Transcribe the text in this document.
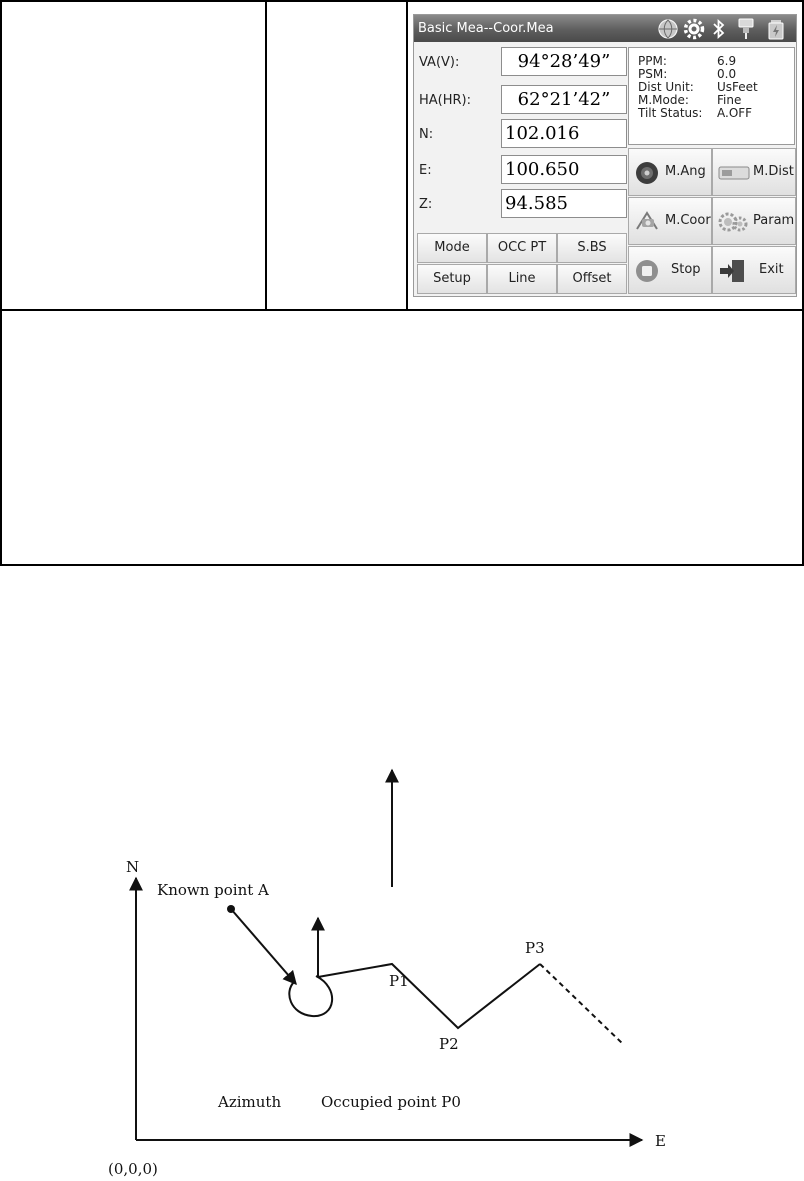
Basic Mea--Coor.Mea
VA(V):	94°28’49”
HA(HR):	62°21’42”
N:	102.016
E:	100.650
Z:	94.585
PPM:	6.9
PSM:	0.0
Dist Unit: UsFeet
M.Mode: Fine
Tilt Status: A.OFF
Mode	OCC PT	S.BS
Setup	Line	Offset
M.Ang	M.Dist
M.Coor	Param
Stop	Exit
N
E
(0,0,0)
Known point A
Azimuth	Occupied point P0
P1
P2
P3
